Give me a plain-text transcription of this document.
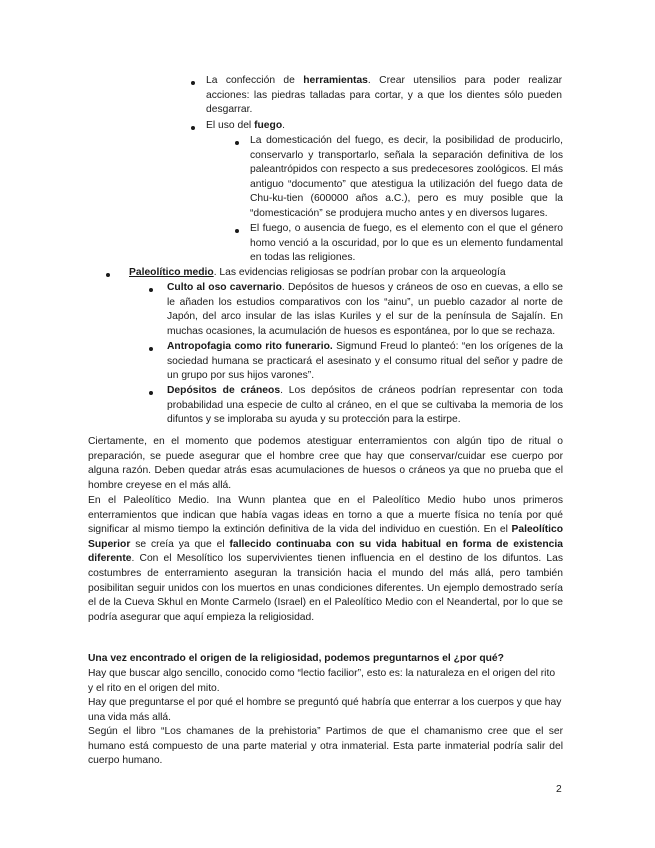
La confección de herramientas. Crear utensilios para poder realizar acciones: las piedras talladas para cortar, y a que los dientes sólo pueden desgarrar.
El uso del fuego.
La domesticación del fuego, es decir, la posibilidad de producirlo, conservarlo y transportarlo, señala la separación definitiva de los paleantrópidos con respecto a sus predecesores zoológicos. El más antiguo “documento” que atestigua la utilización del fuego data de Chu-ku-tien (600000 años a.C.), pero es muy posible que la “domesticación” se produjera mucho antes y en diversos lugares.
El fuego, o ausencia de fuego, es el elemento con el que el género homo venció a la oscuridad, por lo que es un elemento fundamental en todas las religiones.
Paleolítico medio. Las evidencias religiosas se podrían probar con la arqueología
Culto al oso cavernario. Depósitos de huesos y cráneos de oso en cuevas, a ello se le añaden los estudios comparativos con los “ainu”, un pueblo cazador al norte de Japón, del arco insular de las islas Kuriles y el sur de la península de Sajalín. En muchas ocasiones, la acumulación de huesos es espontánea, por lo que se rechaza.
Antropofagia como rito funerario. Sigmund Freud lo planteó: “en los orígenes de la sociedad humana se practicará el asesinato y el consumo ritual del señor y padre de un grupo por sus hijos varones”.
Depósitos de cráneos. Los depósitos de cráneos podrían representar con toda probabilidad una especie de culto al cráneo, en el que se cultivaba la memoria de los difuntos y se imploraba su ayuda y su protección para la estirpe.
Ciertamente, en el momento que podemos atestiguar enterramientos con algún tipo de ritual o preparación, se puede asegurar que el hombre cree que hay que conservar/cuidar ese cuerpo por alguna razón. Deben quedar atrás esas acumulaciones de huesos o cráneos ya que no prueba que el hombre creyese en el más allá.
En el Paleolítico Medio. Ina Wunn plantea que en el Paleolítico Medio hubo unos primeros enterramientos que indican que había vagas ideas en torno a que a muerte física no tenía por qué significar al mismo tiempo la extinción definitiva de la vida del individuo en cuestión. En el Paleolítico Superior se creía ya que el fallecido continuaba con su vida habitual en forma de existencia diferente. Con el Mesolítico los supervivientes tienen influencia en el destino de los difuntos. Las costumbres de enterramiento aseguran la transición hacia el mundo del más allá, pero también posibilitan seguir unidos con los muertos en unas condiciones diferentes. Un ejemplo demostrado sería el de la Cueva Skhul en Monte Carmelo (Israel) en el Paleolítico Medio con el Neandertal, por lo que se podría asegurar que aquí empieza la religiosidad.
Una vez encontrado el origen de la religiosidad, podemos preguntarnos el ¿por qué?
Hay que buscar algo sencillo, conocido como “lectio facilior”, esto es: la naturaleza en el origen del rito y el rito en el origen del mito.
Hay que preguntarse el por qué el hombre se preguntó qué habría que enterrar a los cuerpos y que hay una vida más allá.
Según el libro “Los chamanes de la prehistoria” Partimos de que el chamanismo cree que el ser humano está compuesto de una parte material y otra inmaterial. Esta parte inmaterial podría salir del cuerpo humano.
2
